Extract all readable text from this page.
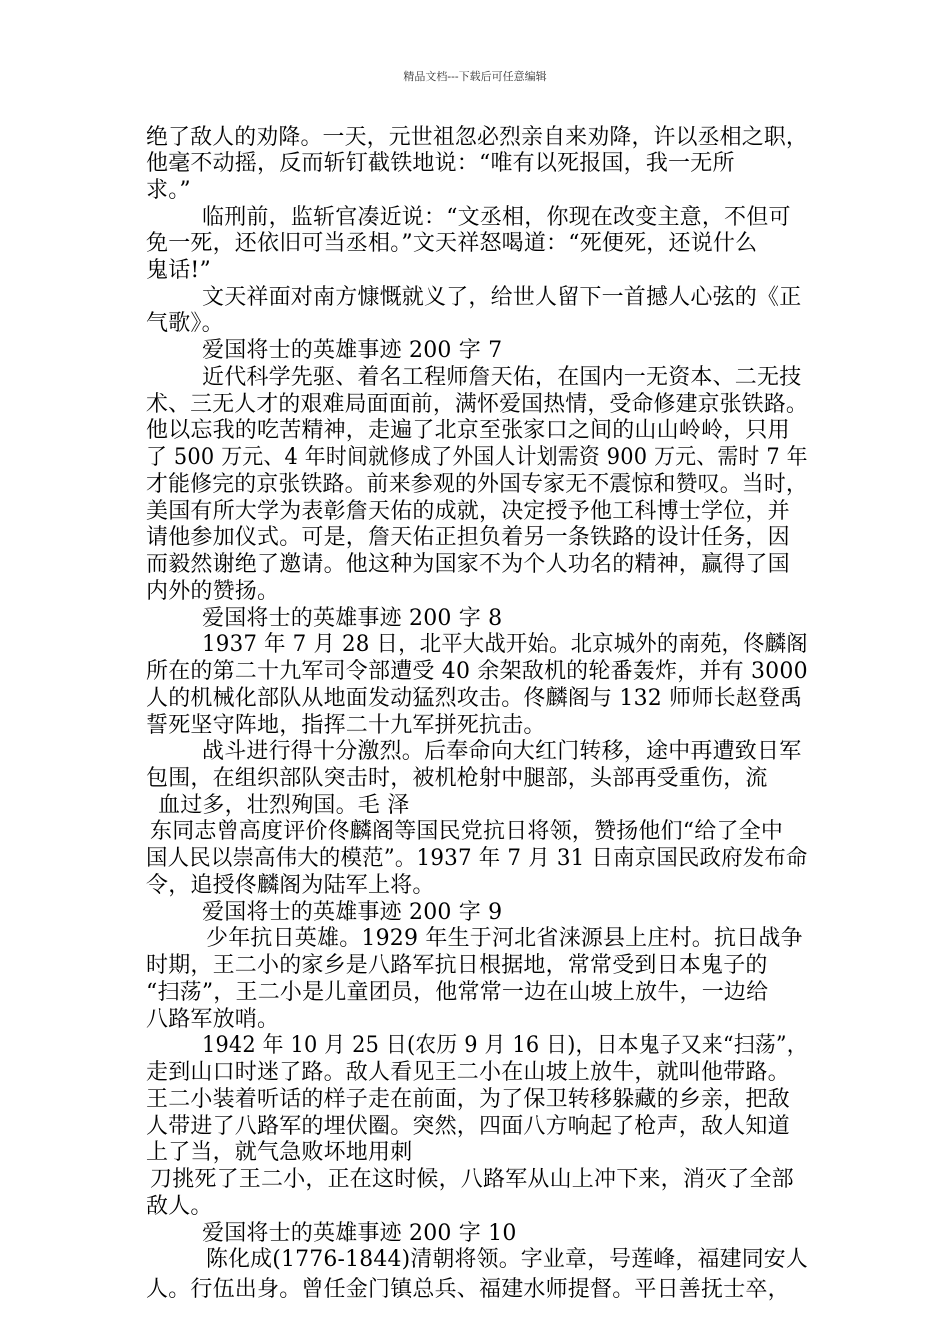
精品文档---下载后可任意编辑
绝了敌人的劝降。一天，元世祖忽必烈亲自来劝降，许以丞相之职，
他毫不动摇，反而斩钉截铁地说：“唯有以死报国，我一无所
求。”
临刑前，监斩官凑近说：“文丞相，你现在改变主意，不但可
免一死，还依旧可当丞相。”文天祥怒喝道：“死便死，还说什么
鬼话!”
文天祥面对南方慷慨就义了，给世人留下一首撼人心弦的《正
气歌》。
爱国将士的英雄事迹 200 字 7
近代科学先驱、着名工程师詹天佑，在国内一无资本、二无技
术、三无人才的艰难局面面前，满怀爱国热情，受命修建京张铁路。
他以忘我的吃苦精神，走遍了北京至张家口之间的山山岭岭，只用
了 500 万元、4 年时间就修成了外国人计划需资 900 万元、需时 7 年
才能修完的京张铁路。前来参观的外国专家无不震惊和赞叹。当时，
美国有所大学为表彰詹天佑的成就，决定授予他工科博士学位，并
请他参加仪式。可是，詹天佑正担负着另一条铁路的设计任务，因
而毅然谢绝了邀请。他这种为国家不为个人功名的精神，赢得了国
内外的赞扬。
爱国将士的英雄事迹 200 字 8
1937 年 7 月 28 日，北平大战开始。北京城外的南苑，佟麟阁
所在的第二十九军司令部遭受 40 余架敌机的轮番轰炸，并有 3000
人的机械化部队从地面发动猛烈攻击。佟麟阁与 132 师师长赵登禹
誓死坚守阵地，指挥二十九军拼死抗击。
战斗进行得十分激烈。后奉命向大红门转移，途中再遭致日军
包围，在组织部队突击时，被机枪射中腿部，头部再受重伤，流
血过多，壮烈殉国。毛 泽
东同志曾高度评价佟麟阁等国民党抗日将领，赞扬他们“给了全中
国人民以崇高伟大的模范”。1937 年 7 月 31 日南京国民政府发布命
令，追授佟麟阁为陆军上将。
爱国将士的英雄事迹 200 字 9
少年抗日英雄。1929 年生于河北省涞源县上庄村。抗日战争
时期，王二小的家乡是八路军抗日根据地，常常受到日本鬼子的
“扫荡”，王二小是儿童团员，他常常一边在山坡上放牛，一边给
八路军放哨。
1942 年 10 月 25 日(农历 9 月 16 日)，日本鬼子又来“扫荡”，
走到山口时迷了路。敌人看见王二小在山坡上放牛，就叫他带路。
王二小装着听话的样子走在前面，为了保卫转移躲藏的乡亲，把敌
人带进了八路军的埋伏圈。突然，四面八方响起了枪声，敌人知道
上了当，就气急败坏地用刺
刀挑死了王二小，正在这时候，八路军从山上冲下来，消灭了全部
敌人。
爱国将士的英雄事迹 200 字 10
陈化成(1776-1844)清朝将领。字业章，号莲峰，福建同安人
人。行伍出身。曾任金门镇总兵、福建水师提督。平日善抚士卒，
